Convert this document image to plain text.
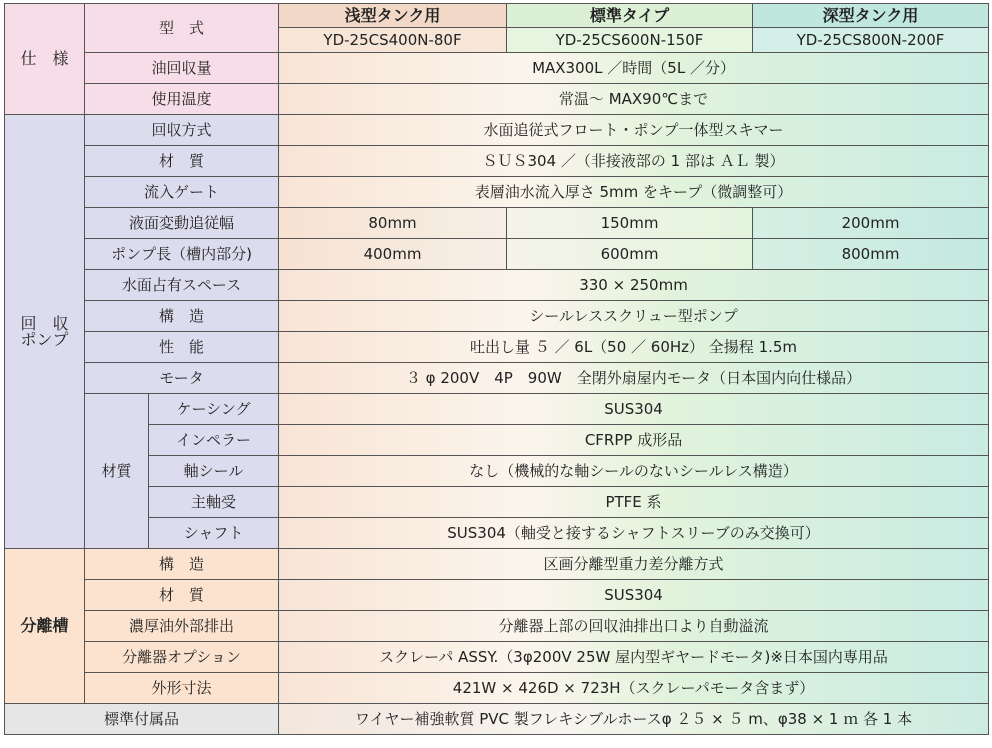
仕　様	型　式		浅型タンク用	標準タイプ	深型タンク用
			YD-25CS400N-80F	YD-25CS600N-150F	YD-25CS800N-200F
	油回収量		MAX300L ／時間（5L ／分）		
	使用温度		常温～ MAX90℃まで		
回　収
ポンプ	回収方式		水面追従式フロート・ポンプ一体型スキマー		
	材　質		ＳＵＳ304 ／（非接液部の 1 部は ＡＬ 製）		
	流入ゲート		表層油水流入厚さ 5mm をキープ（微調整可）		
	液面変動追従幅		80mm	150mm	200mm
	ポンプ長（槽内部分)		400mm	600mm	800mm
	水面占有スペース		330 × 250mm		
	構　造		シールレススクリュー型ポンプ		
	性　能		吐出し量 ５ ／ 6L（50 ／ 60Hz） 全揚程 1.5m		
	モータ		３ φ 200V　4P　90W　全閉外扇屋内モータ（日本国内向仕様品）		
	材質	ケーシング	SUS304		
		インペラー	CFRPP 成形品		
		軸シール	なし（機械的な軸シールのないシールレス構造）		
		主軸受	PTFE 系		
		シャフト	SUS304（軸受と接するシャフトスリーブのみ交換可）		
分離槽	構　造		区画分離型重力差分離方式		
	材　質		SUS304		
	濃厚油外部排出		分離器上部の回収油排出口より自動溢流		
	分離器オプション		スクレーパ ASSY.（3φ200V 25W 屋内型ギヤードモータ)※日本国内専用品		
	外形寸法		421W × 426D × 723H（スクレーパモータ含まず）		
標準付属品			ワイヤー補強軟質 PVC 製フレキシブルホースφ ２５ × ５ m、φ38 × 1 ｍ 各 1 本		
